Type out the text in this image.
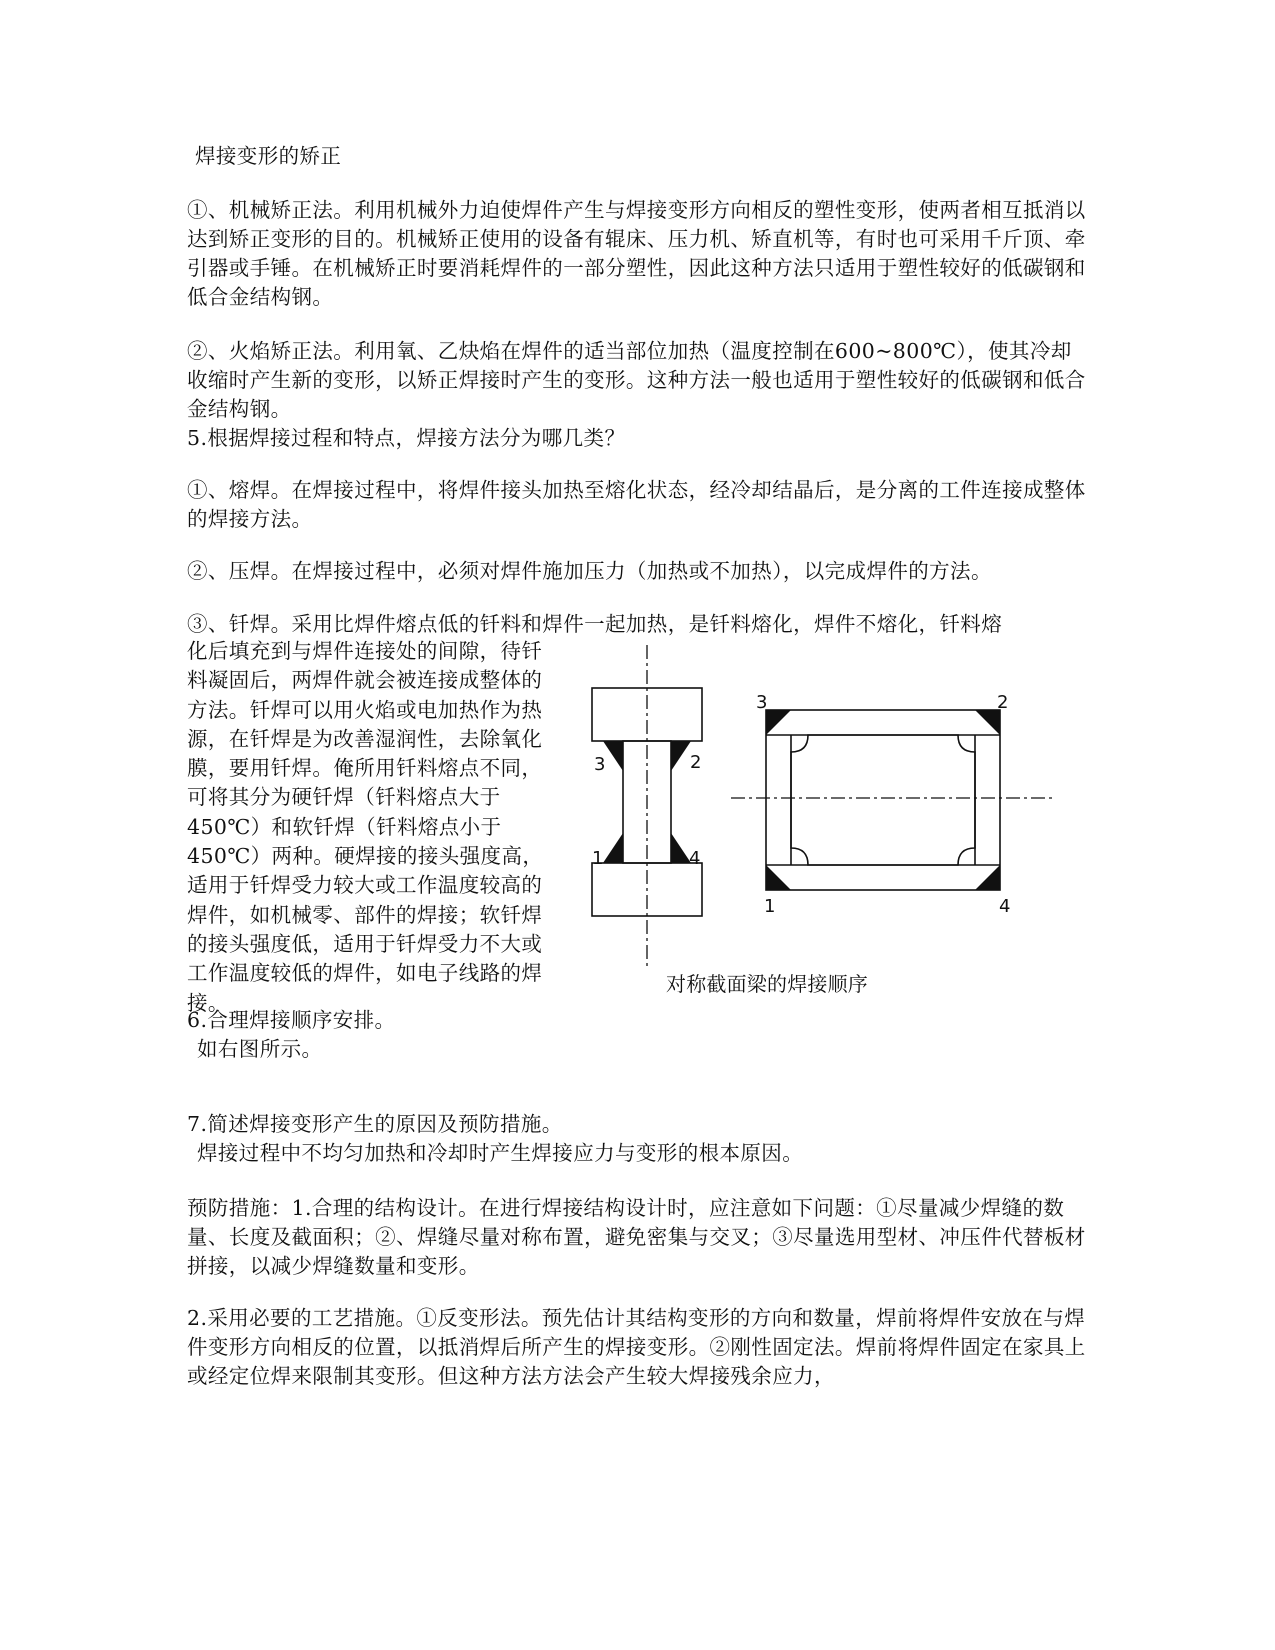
焊接变形的矫正
①、机械矫正法。利用机械外力迫使焊件产生与焊接变形方向相反的塑性变形，使两者相互抵消以达到矫正变形的目的。机械矫正使用的设备有辊床、压力机、矫直机等，有时也可采用千斤顶、牵引器或手锤。在机械矫正时要消耗焊件的一部分塑性，因此这种方法只适用于塑性较好的低碳钢和低合金结构钢。
②、火焰矫正法。利用氧、乙炔焰在焊件的适当部位加热（温度控制在600~800℃），使其冷却收缩时产生新的变形，以矫正焊接时产生的变形。这种方法一般也适用于塑性较好的低碳钢和低合金结构钢。
5.根据焊接过程和特点，焊接方法分为哪几类？
①、熔焊。在焊接过程中，将焊件接头加热至熔化状态，经冷却结晶后，是分离的工件连接成整体的焊接方法。
②、压焊。在焊接过程中，必须对焊件施加压力（加热或不加热），以完成焊件的方法。
③、钎焊。采用比焊件熔点低的钎料和焊件一起加热，是钎料熔化，焊件不熔化，钎料熔
化后填充到与焊件连接处的间隙，待钎料凝固后，两焊件就会被连接成整体的方法。钎焊可以用火焰或电加热作为热源，在钎焊是为改善湿润性，去除氧化膜，要用钎焊。俺所用钎料熔点不同，可将其分为硬钎焊（钎料熔点大于450℃）和软钎焊（钎料熔点小于450℃）两种。硬焊接的接头强度高，适用于钎焊受力较大或工作温度较高的焊件，如机械零、部件的焊接；软钎焊的接头强度低，适用于钎焊受力不大或工作温度较低的焊件，如电子线路的焊接。
6.合理焊接顺序安排。
如右图所示。
7.简述焊接变形产生的原因及预防措施。
焊接过程中不均匀加热和冷却时产生焊接应力与变形的根本原因。
预防措施：1.合理的结构设计。在进行焊接结构设计时，应注意如下问题：①尽量减少焊缝的数量、长度及截面积；②、焊缝尽量对称布置，避免密集与交叉；③尽量选用型材、冲压件代替板材拼接，以减少焊缝数量和变形。
2.采用必要的工艺措施。①反变形法。预先估计其结构变形的方向和数量，焊前将焊件安放在与焊件变形方向相反的位置，以抵消焊后所产生的焊接变形。②刚性固定法。焊前将焊件固定在家具上或经定位焊来限制其变形。但这种方法方法会产生较大焊接残余应力，
3	2
1	4
3	2
1	4
对称截面梁的焊接顺序
